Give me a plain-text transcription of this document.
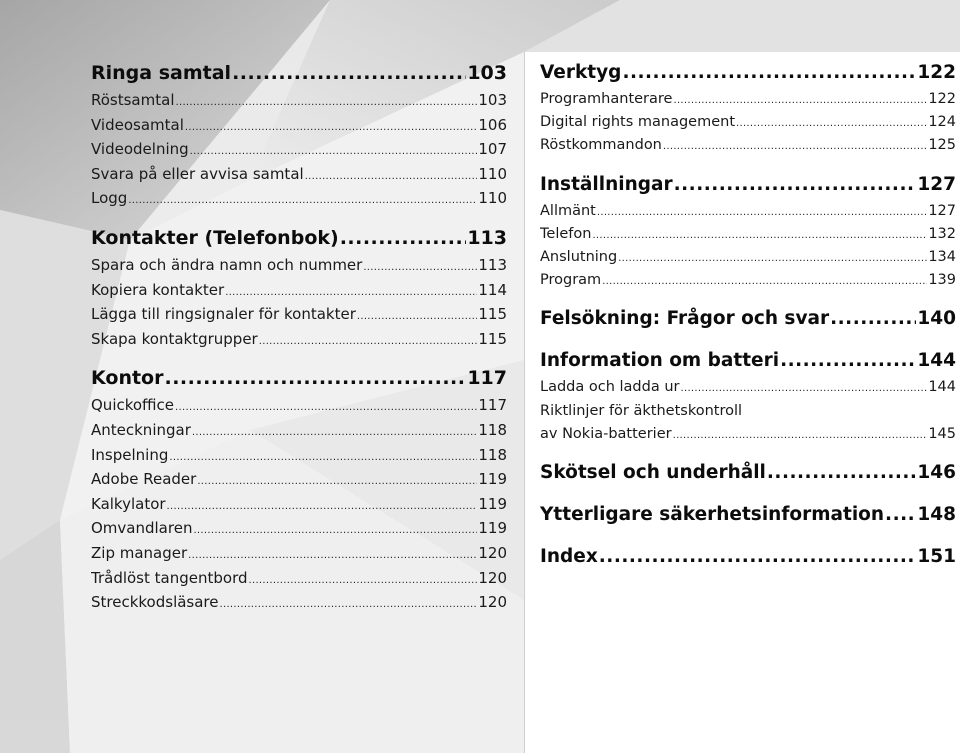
Ringa samtal .....	103
Röstsamtal .....	103
Videosamtal .....	106
Videodelning .....	107
Svara på eller avvisa samtal .....	110
Logg .....	110
Kontakter (Telefonbok) .....	113
Spara och ändra namn och nummer .....	113
Kopiera kontakter .....	114
Lägga till ringsignaler för kontakter .....	115
Skapa kontaktgrupper .....	115
Kontor .....	117
Quickoffice .....	117
Anteckningar .....	118
Inspelning .....	118
Adobe Reader .....	119
Kalkylator .....	119
Omvandlaren .....	119
Zip manager .....	120
Trådlöst tangentbord .....	120
Streckkodsläsare .....	120
Verktyg .....	122
Programhanterare .....	122
Digital rights management .....	124
Röstkommandon .....	125
Inställningar .....	127
Allmänt .....	127
Telefon .....	132
Anslutning .....	134
Program .....	139
Felsökning: Frågor och svar .....	140
Information om batteri .....	144
Ladda och ladda ur .....	144
Riktlinjer för äkthetskontroll
av Nokia-batterier .....	145
Skötsel och underhåll .....	146
Ytterligare säkerhetsinformation ..... 148
Index .....	151
